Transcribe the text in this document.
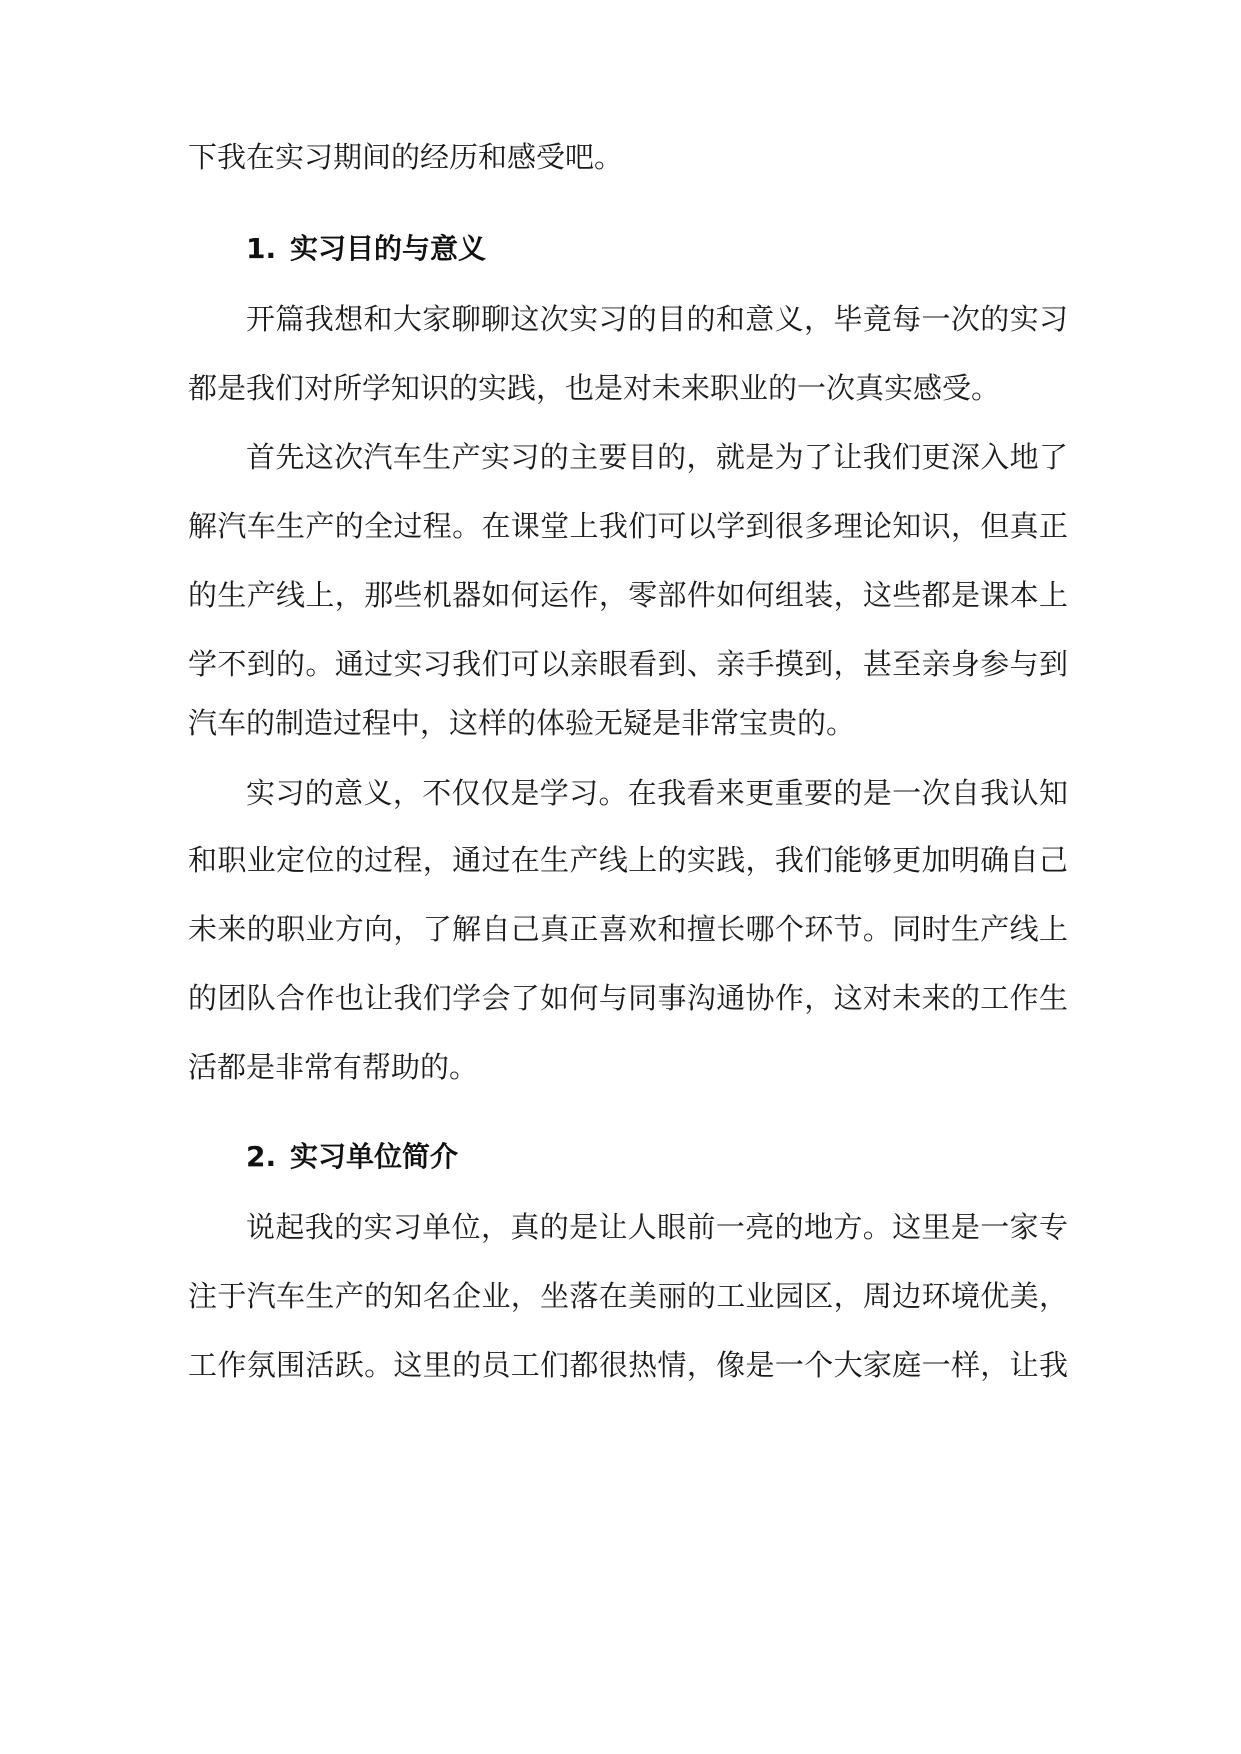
下我在实习期间的经历和感受吧。
1. 实习目的与意义
开篇我想和大家聊聊这次实习的目的和意义，毕竟每一次的实习
都是我们对所学知识的实践，也是对未来职业的一次真实感受。
首先这次汽车生产实习的主要目的，就是为了让我们更深入地了
解汽车生产的全过程。在课堂上我们可以学到很多理论知识，但真正
的生产线上，那些机器如何运作，零部件如何组装，这些都是课本上
学不到的。通过实习我们可以亲眼看到、亲手摸到，甚至亲身参与到
汽车的制造过程中，这样的体验无疑是非常宝贵的。
实习的意义，不仅仅是学习。在我看来更重要的是一次自我认知
和职业定位的过程，通过在生产线上的实践，我们能够更加明确自己
未来的职业方向，了解自己真正喜欢和擅长哪个环节。同时生产线上
的团队合作也让我们学会了如何与同事沟通协作，这对未来的工作生
活都是非常有帮助的。
2. 实习单位简介
说起我的实习单位，真的是让人眼前一亮的地方。这里是一家专
注于汽车生产的知名企业，坐落在美丽的工业园区，周边环境优美，
工作氛围活跃。这里的员工们都很热情，像是一个大家庭一样，让我
